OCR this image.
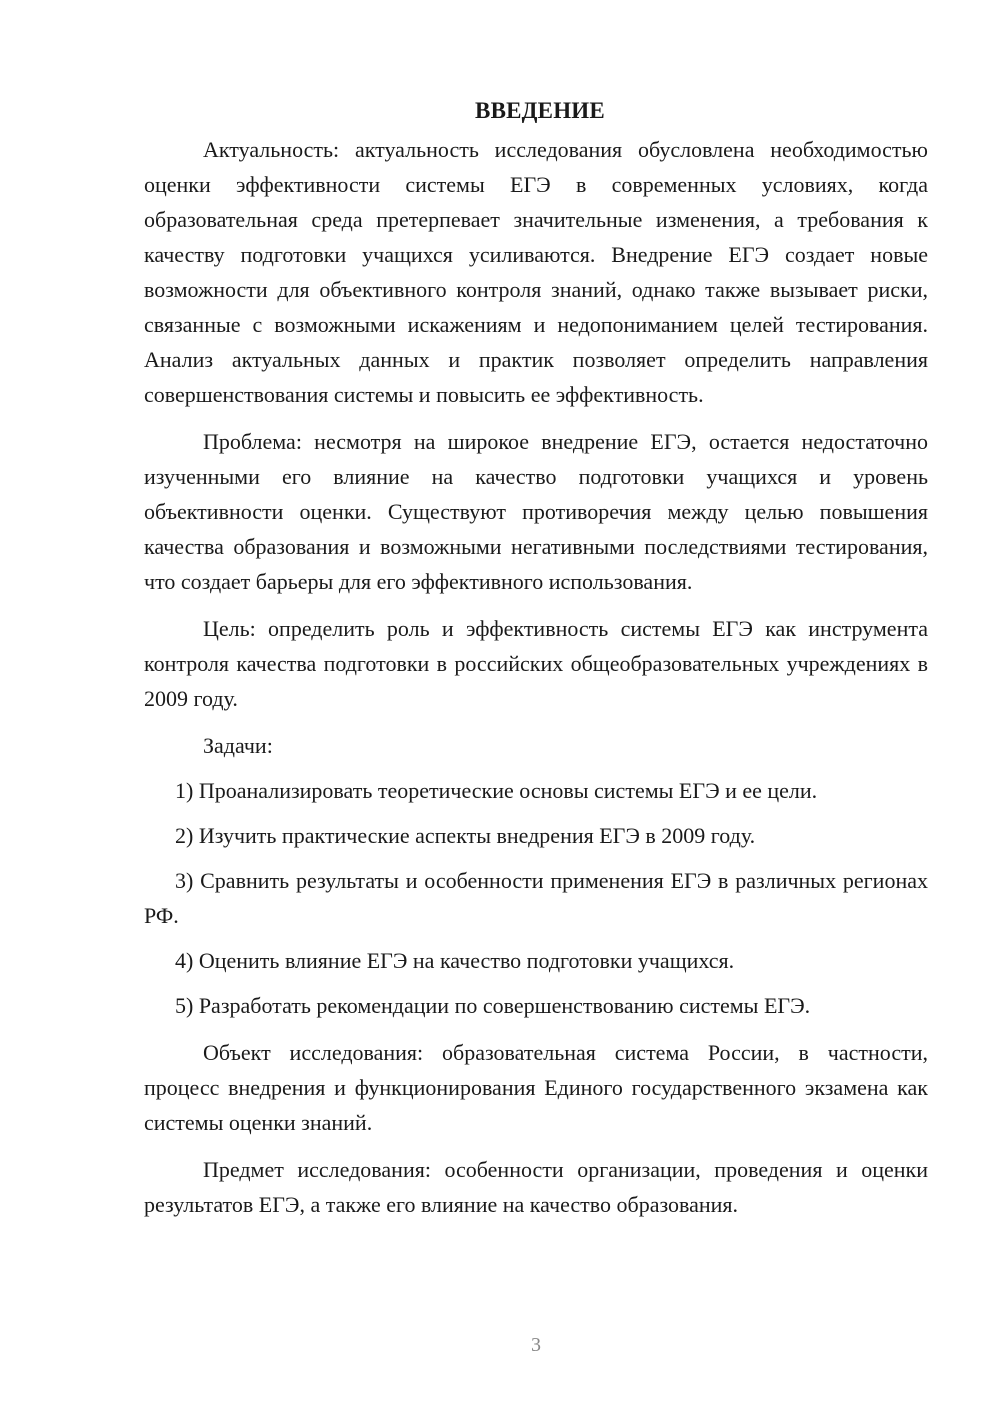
ВВЕДЕНИЕ

Актуальность: актуальность исследования обусловлена необходимостью оценки эффективности системы ЕГЭ в современных условиях, когда образовательная среда претерпевает значительные изменения, а требования к качеству подготовки учащихся усиливаются. Внедрение ЕГЭ создает новые возможности для объективного контроля знаний, однако также вызывает риски, связанные с возможными искажениям и недопониманием целей тестирования. Анализ актуальных данных и практик позволяет определить направления совершенствования системы и повысить ее эффективность.

Проблема: несмотря на широкое внедрение ЕГЭ, остается недостаточно изученными его влияние на качество подготовки учащихся и уровень объективности оценки. Существуют противоречия между целью повышения качества образования и возможными негативными последствиями тестирования, что создает барьеры для его эффективного использования.

Цель: определить роль и эффективность системы ЕГЭ как инструмента контроля качества подготовки в российских общеобразовательных учреждениях в 2009 году.

Задачи:

1) Проанализировать теоретические основы системы ЕГЭ и ее цели.

2) Изучить практические аспекты внедрения ЕГЭ в 2009 году.

3) Сравнить результаты и особенности применения ЕГЭ в различных регионах РФ.

4) Оценить влияние ЕГЭ на качество подготовки учащихся.

5) Разработать рекомендации по совершенствованию системы ЕГЭ.

Объект исследования: образовательная система России, в частности, процесс внедрения и функционирования Единого государственного экзамена как системы оценки знаний.

Предмет исследования: особенности организации, проведения и оценки результатов ЕГЭ, а также его влияние на качество образования.

3
